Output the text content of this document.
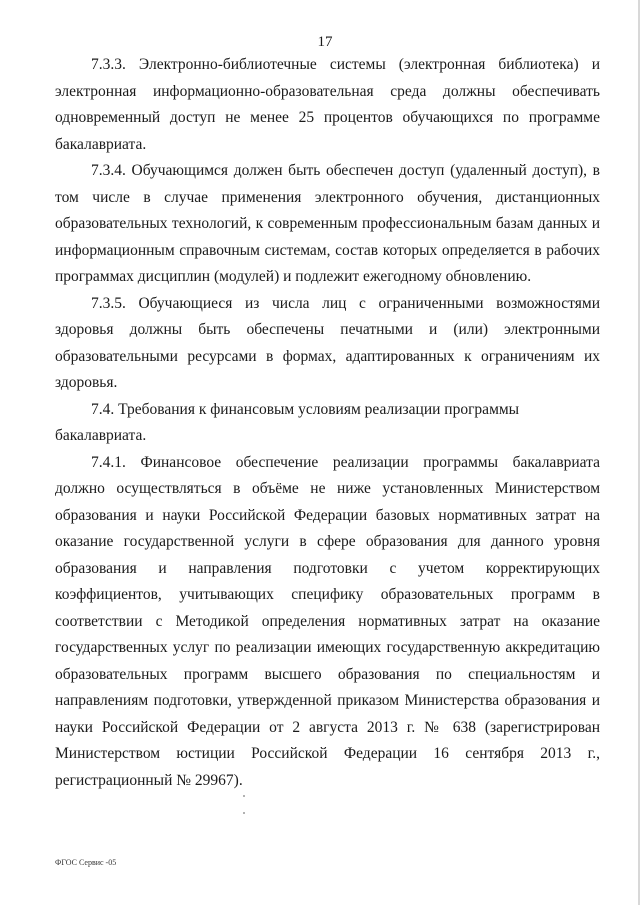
17

7.3.3. Электронно-библиотечные системы (электронная библиотека) и электронная информационно-образовательная среда должны обеспечивать одновременный доступ не менее 25 процентов обучающихся по программе бакалавриата.

7.3.4. Обучающимся должен быть обеспечен доступ (удаленный доступ), в том числе в случае применения электронного обучения, дистанционных образовательных технологий, к современным профессиональным базам данных и информационным справочным системам, состав которых определяется в рабочих программах дисциплин (модулей) и подлежит ежегодному обновлению.

7.3.5. Обучающиеся из числа лиц с ограниченными возможностями здоровья должны быть обеспечены печатными и (или) электронными образовательными ресурсами в формах, адаптированных к ограничениям их здоровья.

7.4. Требования к финансовым условиям реализации программы бакалавриата.

7.4.1. Финансовое обеспечение реализации программы бакалавриата должно осуществляться в объёме не ниже установленных Министерством образования и науки Российской Федерации базовых нормативных затрат на оказание государственной услуги в сфере образования для данного уровня образования и направления подготовки с учетом корректирующих коэффициентов, учитывающих специфику образовательных программ в соответствии с Методикой определения нормативных затрат на оказание государственных услуг по реализации имеющих государственную аккредитацию образовательных программ высшего образования по специальностям и направлениям подготовки, утвержденной приказом Министерства образования и науки Российской Федерации от 2 августа 2013 г. № 638 (зарегистрирован Министерством юстиции Российской Федерации 16 сентября 2013 г., регистрационный № 29967).

ФГОС Сервис -05
